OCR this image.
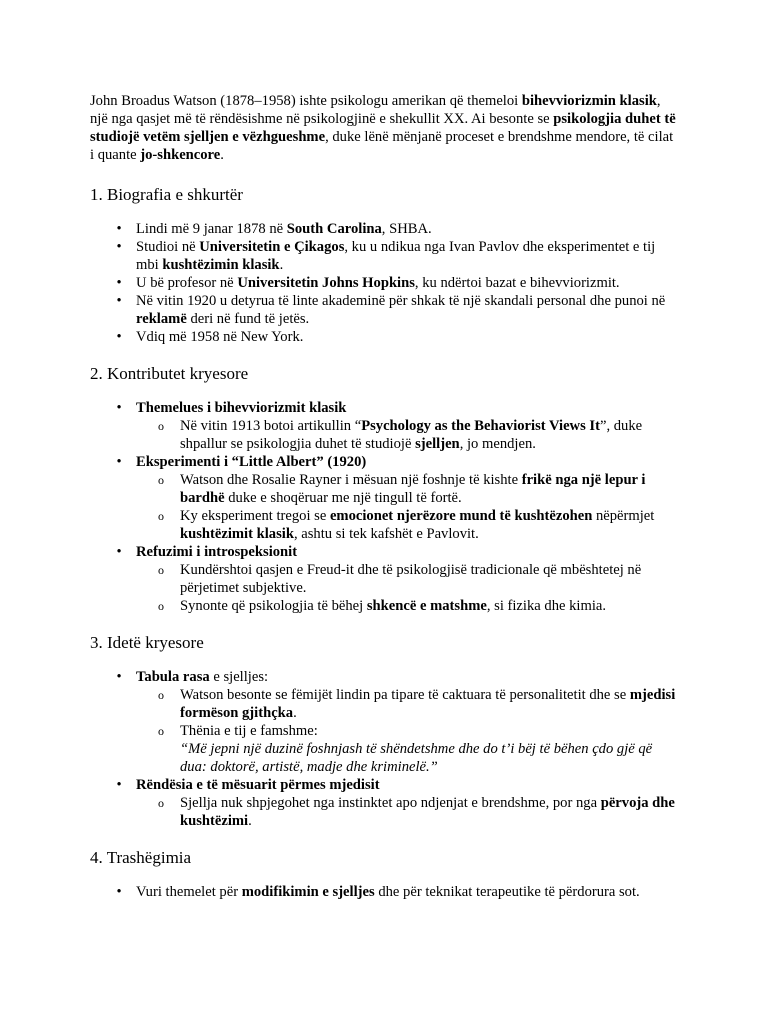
John Broadus Watson (1878–1958) ishte psikologu amerikan që themeloi bihevviorizmin klasik, një nga qasjet më të rëndësishme në psikologjinë e shekullit XX. Ai besonte se psikologjia duhet të studiojë vetëm sjelljen e vëzhgueshme, duke lënë mënjanë proceset e brendshme mendore, të cilat i quante jo-shkencore.

1. Biografia e shkurtër
• Lindi më 9 janar 1878 në South Carolina, SHBA.
• Studioi në Universitetin e Çikagos, ku u ndikua nga Ivan Pavlov dhe eksperimentet e tij mbi kushtëzimin klasik.
• U bë profesor në Universitetin Johns Hopkins, ku ndërtoi bazat e bihevviorizmit.
• Në vitin 1920 u detyrua të linte akademinë për shkak të një skandali personal dhe punoi në reklamë deri në fund të jetës.
• Vdiq më 1958 në New York.
2. Kontributet kryesore
• Themelues i bihevviorizmit klasik
o Në vitin 1913 botoi artikullin “Psychology as the Behaviorist Views It”, duke shpallur se psikologjia duhet të studiojë sjelljen, jo mendjen.
• Eksperimenti i “Little Albert” (1920)
o Watson dhe Rosalie Rayner i mësuan një foshnje të kishte frikë nga një lepur i bardhë duke e shoqëruar me një tingull të fortë.
o Ky eksperiment tregoi se emocionet njerëzore mund të kushtëzohen nëpërmjet kushtëzimit klasik, ashtu si tek kafshët e Pavlovit.
• Refuzimi i introspeksionit
o Kundërshtoi qasjen e Freud-it dhe të psikologjisë tradicionale që mbështetej në përjetimet subjektive.
o Synonte që psikologjia të bëhej shkencë e matshme, si fizika dhe kimia.
3. Idetë kryesore
• Tabula rasa e sjelljes:
o Watson besonte se fëmijët lindin pa tipare të caktuara të personalitetit dhe se mjedisi formëson gjithçka.
o Thënia e tij e famshme:
“Më jepni një duzinë foshnjash të shëndetshme dhe do t’i bëj të bëhen çdo gjë që dua: doktorë, artistë, madje dhe kriminelë.”
• Rëndësia e të mësuarit përmes mjedisit
o Sjellja nuk shpjegohet nga instinktet apo ndjenjat e brendshme, por nga përvoja dhe kushtëzimi.
4. Trashëgimia
• Vuri themelet për modifikimin e sjelljes dhe për teknikat terapeutike të përdorura sot.
